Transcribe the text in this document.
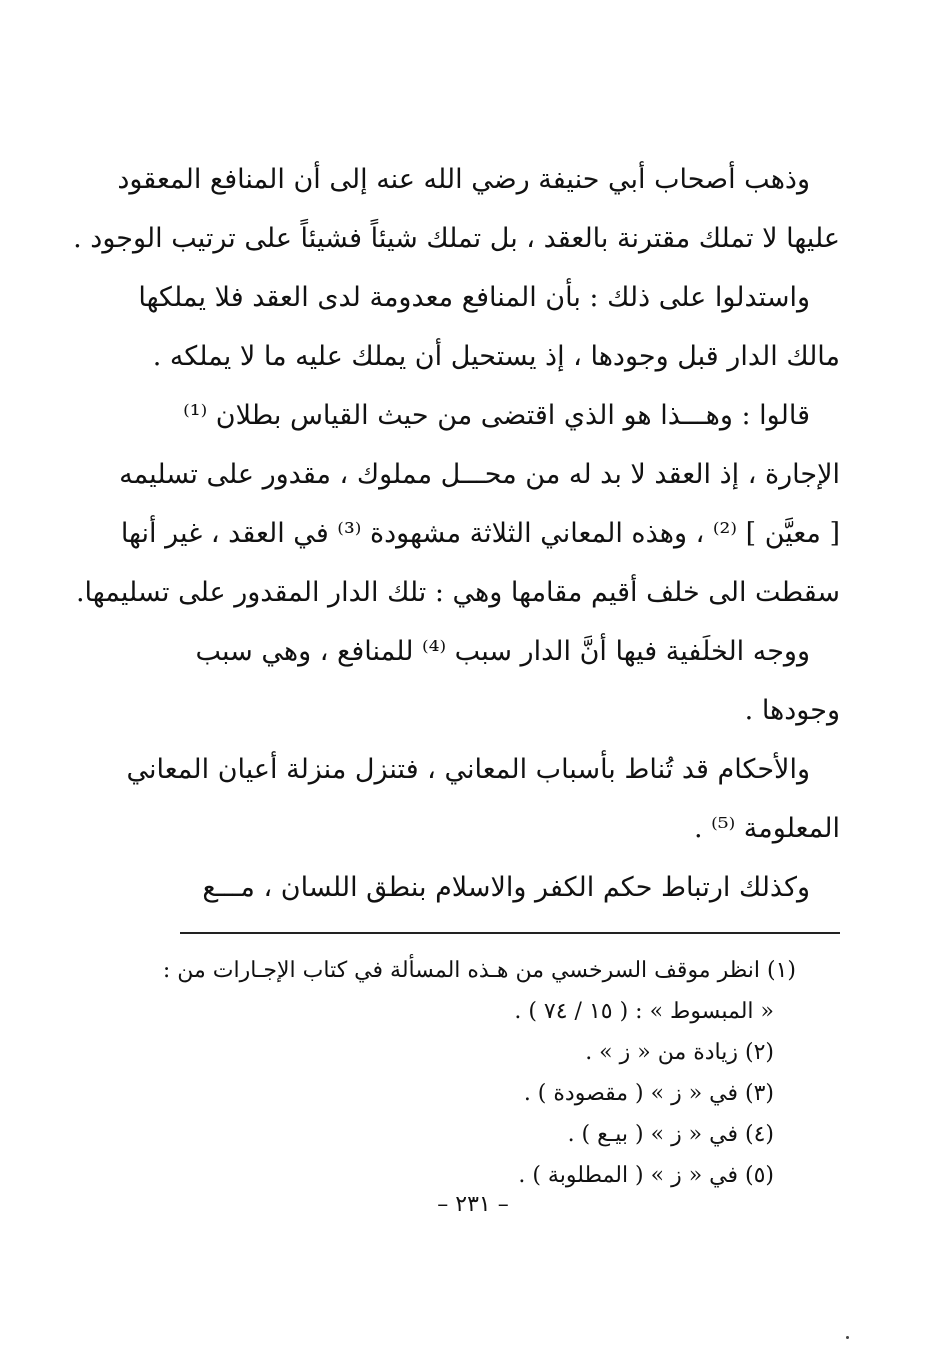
وذهب أصحاب أبي حنيفة رضي الله عنه إلى أن المنافع المعقود
عليها لا تملك مقترنة بالعقد ، بل تملك شيئاً فشيئاً على ترتيب الوجود .
واستدلوا على ذلك : بأن المنافع معدومة لدى العقد فلا يملكها
مالك الدار قبل وجودها ، إذ يستحيل أن يملك عليه ما لا يملكه .
قالوا : وهـــذا هو الذي اقتضى من حيث القياس بطلان ⁽¹⁾
الإجارة ، إذ العقد لا بد له من محـــل مملوك ، مقدور على تسليمه
[ معيَّن ] ⁽²⁾ ، وهذه المعاني الثلاثة مشهودة ⁽³⁾ في العقد ، غير أنها
سقطت الى خلف أقيم مقامها وهي : تلك الدار المقدور على تسليمها.
ووجه الخلَفية فيها أنَّ الدار سبب ⁽⁴⁾ للمنافع ، وهي سبب
وجودها .
والأحكام قد تُناط بأسباب المعاني ، فتنزل منزلة أعيان المعاني
المعلومة ⁽⁵⁾ .
وكذلك ارتباط حكم الكفر والاسلام بنطق اللسان ، مـــع
(١) انظر موقف السرخسي من هـذه المسألة في كتاب الإجـارات من :
« المبسوط » : ( ١٥ / ٧٤ ) .
(٢) زيادة من « ز » .
(٣) في « ز » ( مقصودة ) .
(٤) في « ز » ( بيـع ) .
(٥) في « ز » ( المطلوبة ) .
– ٢٣١ –
